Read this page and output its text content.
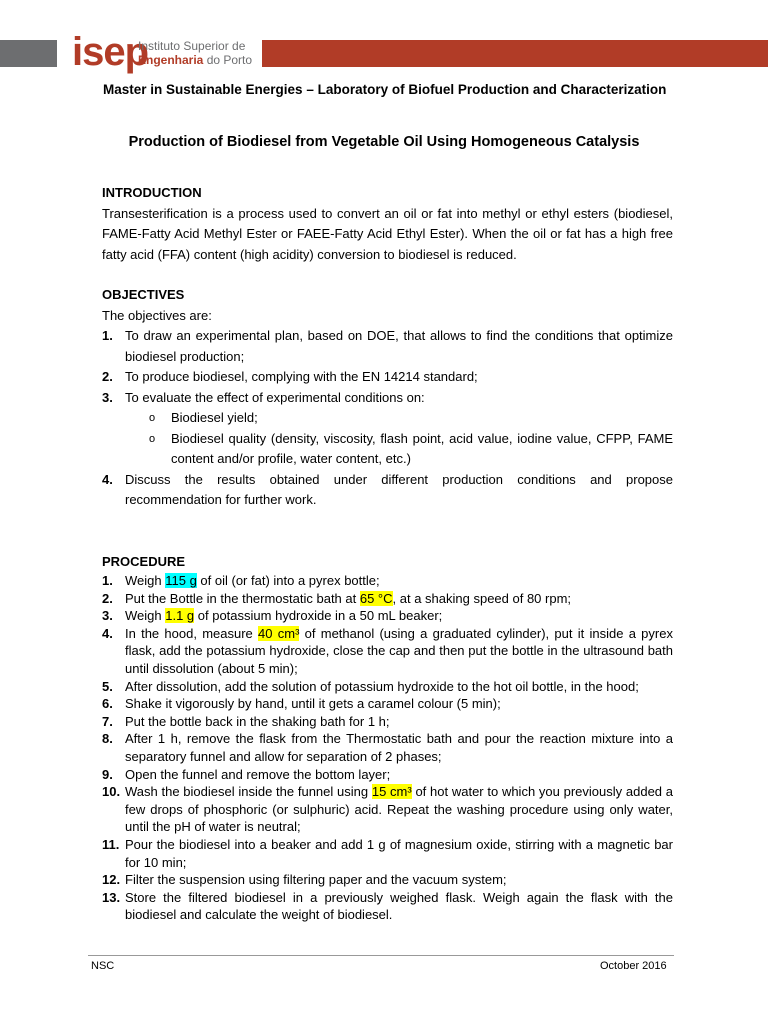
isep
Instituto Superior de
Engenharia do Porto
Master in Sustainable Energies – Laboratory of Biofuel Production and Characterization
Production of Biodiesel from Vegetable Oil Using Homogeneous Catalysis
INTRODUCTION

Transesterification is a process used to convert an oil or fat into methyl or ethyl esters (biodiesel, FAME-Fatty Acid Methyl Ester or FAEE-Fatty Acid Ethyl Ester). When the oil or fat has a high free fatty acid (FFA) content (high acidity) conversion to biodiesel is reduced.

OBJECTIVES

The objectives are:

1. To draw an experimental plan, based on DOE, that allows to find the conditions that optimize biodiesel production;
2. To produce biodiesel, complying with the EN 14214 standard;
3. To evaluate the effect of experimental conditions on:
o Biodiesel yield;
o Biodiesel quality (density, viscosity, flash point, acid value, iodine value, CFPP, FAME content and/or profile, water content, etc.)
4. Discuss the results obtained under different production conditions and propose recommendation for further work.
PROCEDURE
1. Weigh 115 g of oil (or fat) into a pyrex bottle;
2. Put the Bottle in the thermostatic bath at 65 °C, at a shaking speed of 80 rpm;
3. Weigh 1.1 g of potassium hydroxide in a 50 mL beaker;
4. In the hood, measure 40 cm³ of methanol (using a graduated cylinder), put it inside a pyrex flask, add the potassium hydroxide, close the cap and then put the bottle in the ultrasound bath until dissolution (about 5 min);
5. After dissolution, add the solution of potassium hydroxide to the hot oil bottle, in the hood;
6. Shake it vigorously by hand, until it gets a caramel colour (5 min);
7. Put the bottle back in the shaking bath for 1 h;
8. After 1 h, remove the flask from the Thermostatic bath and pour the reaction mixture into a separatory funnel and allow for separation of 2 phases;
9. Open the funnel and remove the bottom layer;
10. Wash the biodiesel inside the funnel using 15 cm³ of hot water to which you previously added a few drops of phosphoric (or sulphuric) acid. Repeat the washing procedure using only water, until the pH of water is neutral;
11. Pour the biodiesel into a beaker and add 1 g of magnesium oxide, stirring with a magnetic bar for 10 min;
12. Filter the suspension using filtering paper and the vacuum system;
13. Store the filtered biodiesel in a previously weighed flask. Weigh again the flask with the biodiesel and calculate the weight of biodiesel.
NSC	October 2016
